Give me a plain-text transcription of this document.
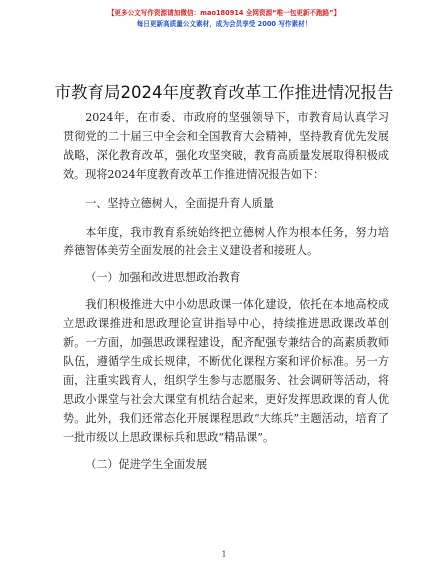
【更多公文写作资源请加微信：mao180914 全网资源“唯一包更新不跑路”】
每日更新高质量公文素材，成为会员享受 2000 写作素材！
市教育局2024年度教育改革工作推进情况报告

2024年，在市委、市政府的坚强领导下，市教育局认真学习贯彻党的二十届三中全会和全国教育大会精神，坚持教育优先发展战略，深化教育改革，强化攻坚突破，教育高质量发展取得积极成效。现将2024年度教育改革工作推进情况报告如下：

一、坚持立德树人，全面提升育人质量

本年度，我市教育系统始终把立德树人作为根本任务，努力培养德智体美劳全面发展的社会主义建设者和接班人。

（一）加强和改进思想政治教育

我们积极推进大中小幼思政课一体化建设，依托在本地高校成立思政课推进和思政理论宣讲指导中心，持续推进思政课改革创新。一方面，加强思政课程建设，配齐配强专兼结合的高素质教师队伍，遵循学生成长规律，不断优化课程方案和评价标准。另一方面，注重实践育人，组织学生参与志愿服务、社会调研等活动，将思政小课堂与社会大课堂有机结合起来，更好发挥思政课的育人优势。此外，我们还常态化开展课程思政“大练兵”主题活动，培育了一批市级以上思政课标兵和思政“精品课”。

（二）促进学生全面发展

1
